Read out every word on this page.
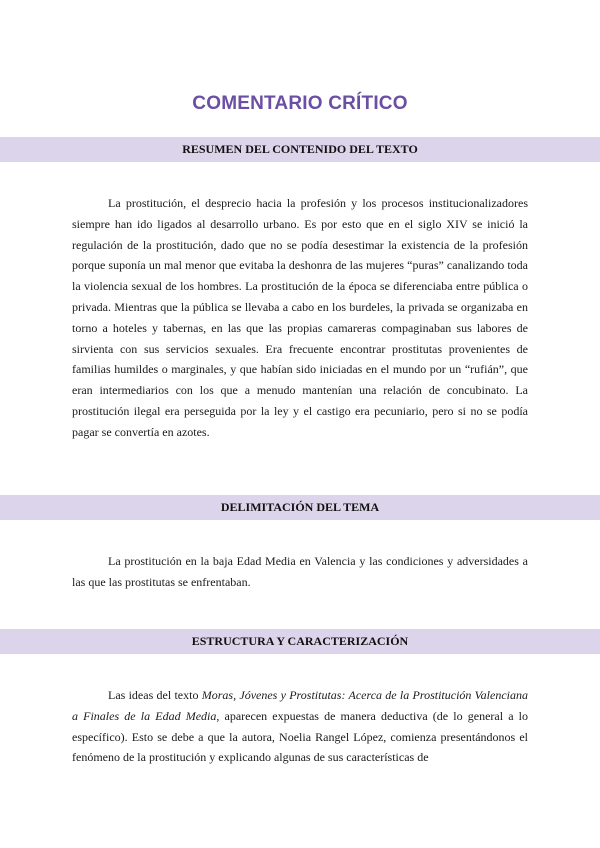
COMENTARIO CRÍTICO
RESUMEN DEL CONTENIDO DEL TEXTO

La prostitución, el desprecio hacia la profesión y los procesos institucionalizadores siempre han ido ligados al desarrollo urbano. Es por esto que en el siglo XIV se inició la regulación de la prostitución, dado que no se podía desestimar la existencia de la profesión porque suponía un mal menor que evitaba la deshonra de las mujeres “puras” canalizando toda la violencia sexual de los hombres. La prostitución de la época se diferenciaba entre pública o privada. Mientras que la pública se llevaba a cabo en los burdeles, la privada se organizaba en torno a hoteles y tabernas, en las que las propias camareras compaginaban sus labores de sirvienta con sus servicios sexuales. Era frecuente encontrar prostitutas provenientes de familias humildes o marginales, y que habían sido iniciadas en el mundo por un “rufián”, que eran intermediarios con los que a menudo mantenían una relación de concubinato. La prostitución ilegal era perseguida por la ley y el castigo era pecuniario, pero si no se podía pagar se convertía en azotes.

DELIMITACIÓN DEL TEMA

La prostitución en la baja Edad Media en Valencia y las condiciones y adversidades a las que las prostitutas se enfrentaban.

ESTRUCTURA Y CARACTERIZACIÓN

Las ideas del texto Moras, Jóvenes y Prostitutas: Acerca de la Prostitución Valenciana a Finales de la Edad Media, aparecen expuestas de manera deductiva (de lo general a lo específico). Esto se debe a que la autora, Noelia Rangel López, comienza presentándonos el fenómeno de la prostitución y explicando algunas de sus características de
